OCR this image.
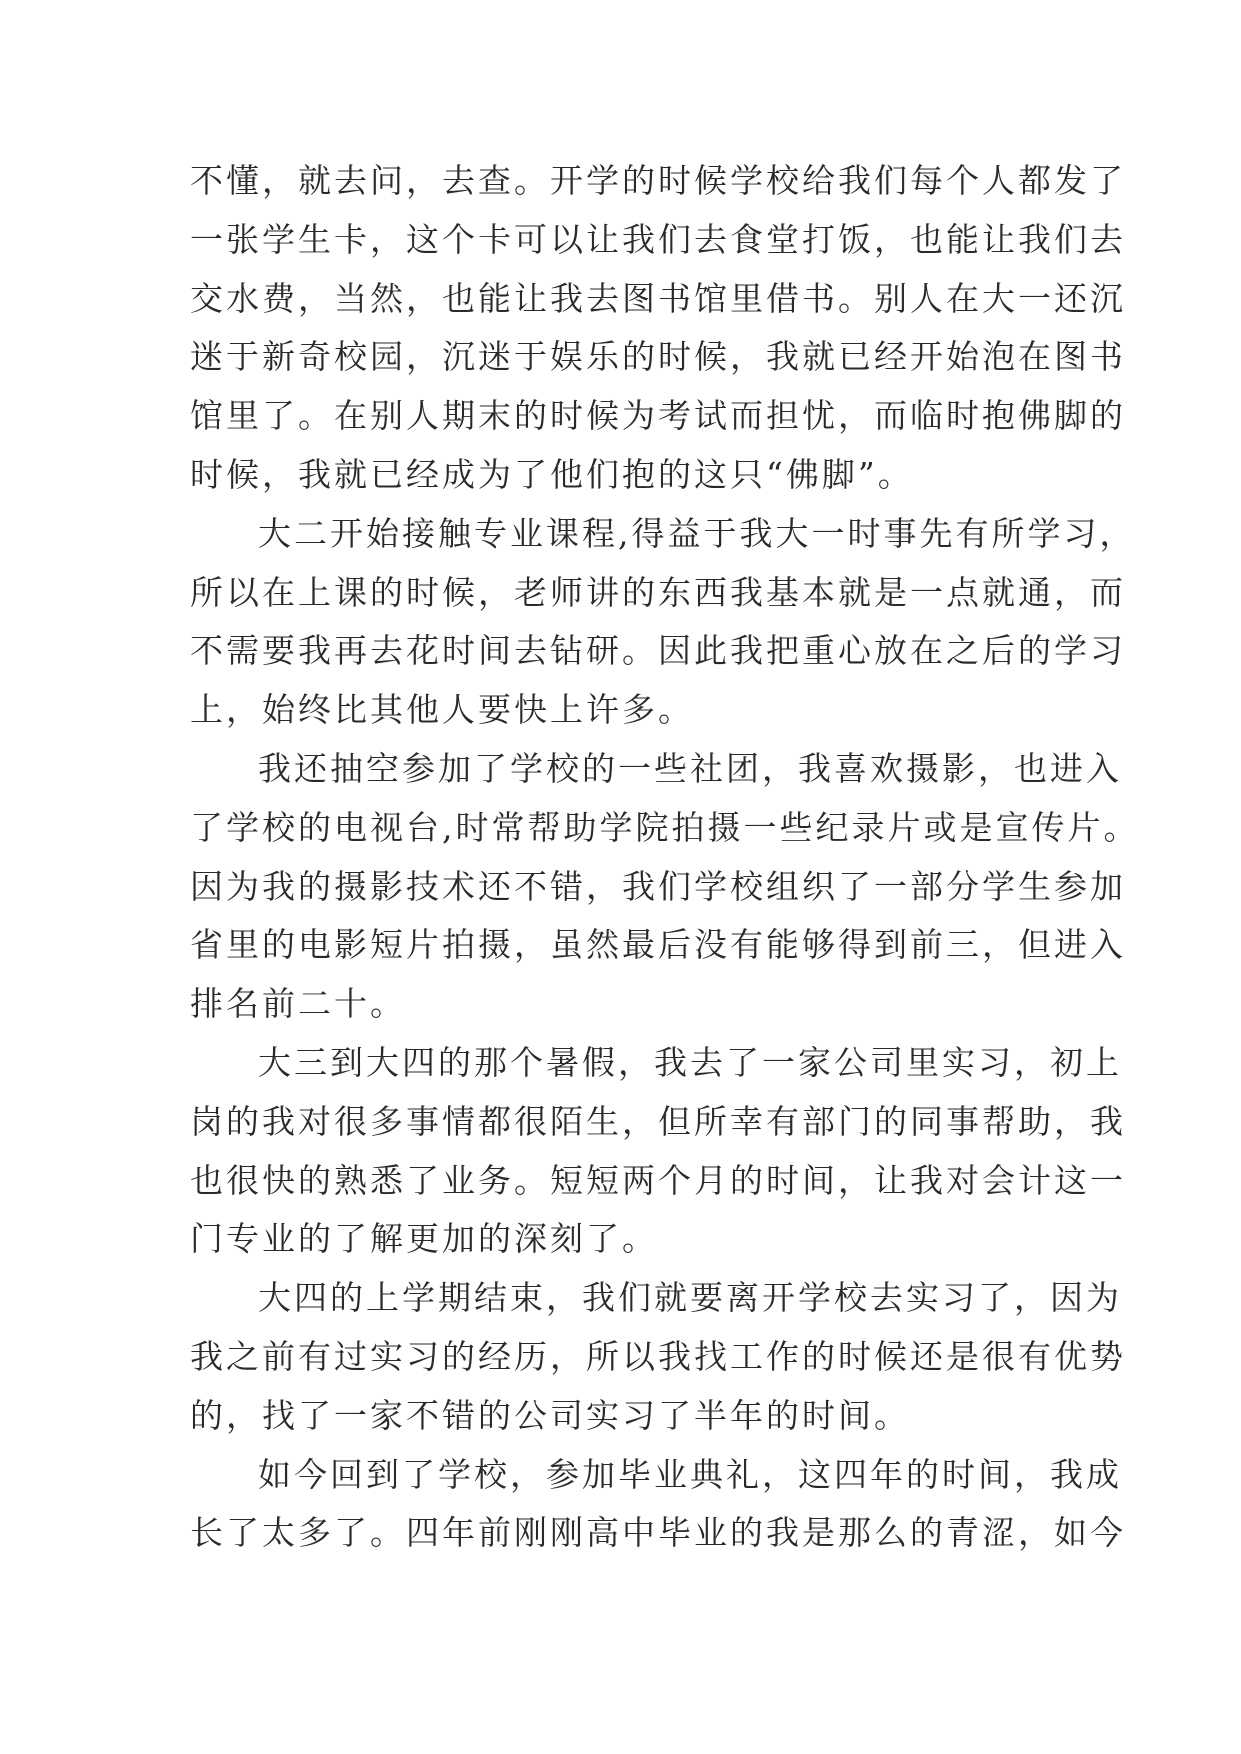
不懂，就去问，去查。开学的时候学校给我们每个人都发了
一张学生卡，这个卡可以让我们去食堂打饭，也能让我们去
交水费，当然，也能让我去图书馆里借书。别人在大一还沉
迷于新奇校园，沉迷于娱乐的时候，我就已经开始泡在图书
馆里了。在别人期末的时候为考试而担忧，而临时抱佛脚的
时候，我就已经成为了他们抱的这只“佛脚”。
大二开始接触专业课程,得益于我大一时事先有所学习，
所以在上课的时候，老师讲的东西我基本就是一点就通，而
不需要我再去花时间去钻研。因此我把重心放在之后的学习
上，始终比其他人要快上许多。
我还抽空参加了学校的一些社团，我喜欢摄影，也进入
了学校的电视台,时常帮助学院拍摄一些纪录片或是宣传片。
因为我的摄影技术还不错，我们学校组织了一部分学生参加
省里的电影短片拍摄，虽然最后没有能够得到前三，但进入
排名前二十。
大三到大四的那个暑假，我去了一家公司里实习，初上
岗的我对很多事情都很陌生，但所幸有部门的同事帮助，我
也很快的熟悉了业务。短短两个月的时间，让我对会计这一
门专业的了解更加的深刻了。
大四的上学期结束，我们就要离开学校去实习了，因为
我之前有过实习的经历，所以我找工作的时候还是很有优势
的，找了一家不错的公司实习了半年的时间。
如今回到了学校，参加毕业典礼，这四年的时间，我成
长了太多了。四年前刚刚高中毕业的我是那么的青涩，如今
